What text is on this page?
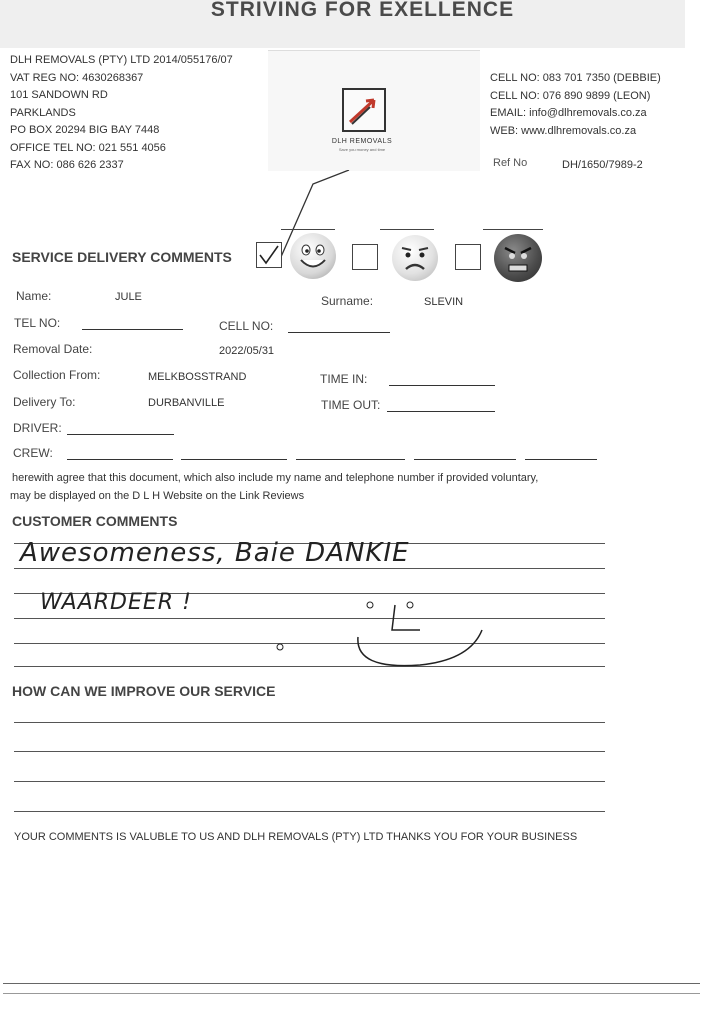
STRIVING FOR EXELLENCE
DLH REMOVALS (PTY) LTD 2014/055176/07
VAT REG NO: 4630268367
101 SANDOWN RD
PARKLANDS
PO BOX 20294 BIG BAY 7448
OFFICE TEL NO: 021 551 4056
FAX NO: 086 626 2337
DLH REMOVALS
Save you money and time
CELL NO: 083 701 7350 (DEBBIE)
CELL NO: 076 890 9899 (LEON)
EMAIL: info@dlhremovals.co.za
WEB: www.dlhremovals.co.za
Ref No	DH/1650/7989-2
SERVICE DELIVERY COMMENTS
Name:	JULE	Surname:	SLEVIN
TEL NO:	CELL NO:
Removal Date:	2022/05/31
Collection From:	MELKBOSSTRAND	TIME IN:
Delivery To:	DURBANVILLE	TIME OUT:
DRIVER:
CREW:
herewith agree that this document, which also include my name and telephone number if provided voluntary,
may be displayed on the D L H Website on the Link Reviews
CUSTOMER COMMENTS
Awesomeness, Baie DANKIE
WAARDEER !
HOW CAN WE IMPROVE OUR SERVICE
YOUR COMMENTS IS VALUBLE TO US AND DLH REMOVALS (PTY) LTD THANKS YOU FOR YOUR BUSINESS
